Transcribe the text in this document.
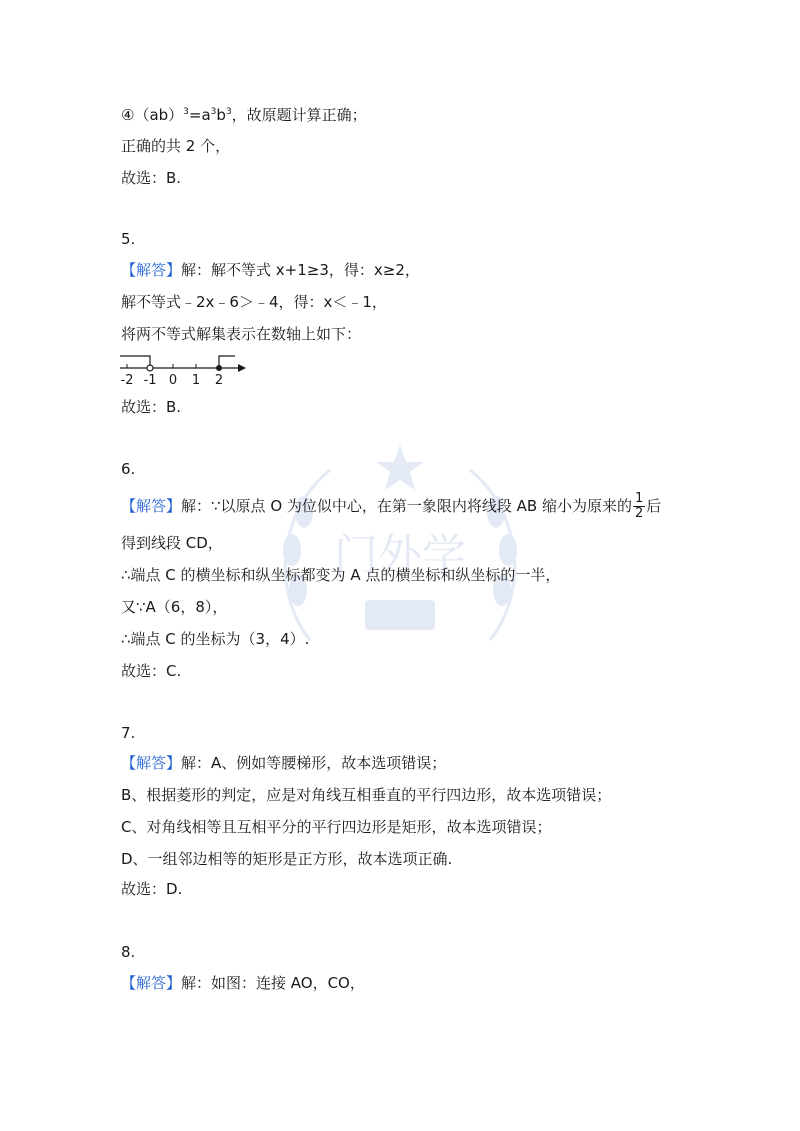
门外学
$④(ab)^3=a^3b^3$，故原题计算正确；
正确的共 2 个，
故选：B.
5.
【解答】解：解不等式 x+1≥3，得：x≥2，
解不等式﹣2x﹣6＞﹣4，得：x＜﹣1，
将两不等式解集表示在数轴上如下：
-2 -1 0 1 2
故选：B.
6.
【解答】解：∵以原点 O 为位似中心，在第一象限内将线段 AB 缩小为原来的 $\frac{1}{2}$ 后
得到线段 CD，
∴端点 C 的横坐标和纵坐标都变为 A 点的横坐标和纵坐标的一半，
又∵A（6，8），
∴端点 C 的坐标为（3，4）.
故选：C.
7.
【解答】解：A、例如等腰梯形，故本选项错误；
B、根据菱形的判定，应是对角线互相垂直的平行四边形，故本选项错误；
C、对角线相等且互相平分的平行四边形是矩形，故本选项错误；
D、一组邻边相等的矩形是正方形，故本选项正确.
故选：D.
8.
【解答】解：如图：连接 AO，CO，
